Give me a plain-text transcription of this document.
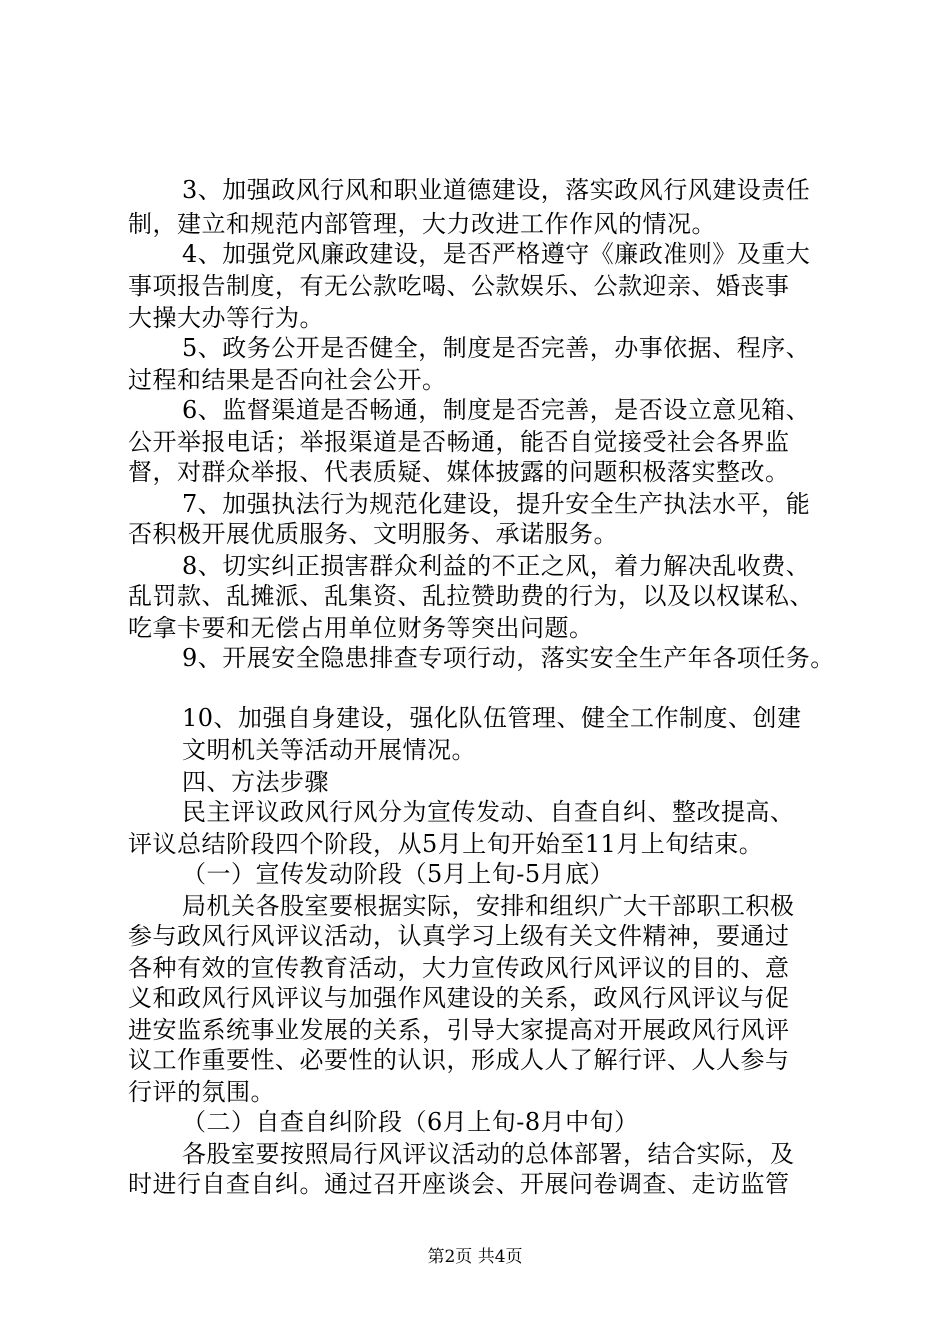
3、加强政风行风和职业道德建设，落实政风行风建设责任
制，建立和规范内部管理，大力改进工作作风的情况。
4、加强党风廉政建设，是否严格遵守《廉政准则》及重大
事项报告制度，有无公款吃喝、公款娱乐、公款迎亲、婚丧事
大操大办等行为。
5、政务公开是否健全，制度是否完善，办事依据、程序、
过程和结果是否向社会公开。
6、监督渠道是否畅通，制度是否完善，是否设立意见箱、
公开举报电话；举报渠道是否畅通，能否自觉接受社会各界监
督，对群众举报、代表质疑、媒体披露的问题积极落实整改。
7、加强执法行为规范化建设，提升安全生产执法水平，能
否积极开展优质服务、文明服务、承诺服务。
8、切实纠正损害群众利益的不正之风，着力解决乱收费、
乱罚款、乱摊派、乱集资、乱拉赞助费的行为，以及以权谋私、
吃拿卡要和无偿占用单位财务等突出问题。
9、开展安全隐患排查专项行动，落实安全生产年各项任务。
10、加强自身建设，强化队伍管理、健全工作制度、创建
文明机关等活动开展情况。
四、方法步骤
民主评议政风行风分为宣传发动、自查自纠、整改提高、
评议总结阶段四个阶段，从5月上旬开始至11月上旬结束。
（一）宣传发动阶段（5月上旬-5月底）
局机关各股室要根据实际，安排和组织广大干部职工积极
参与政风行风评议活动，认真学习上级有关文件精神，要通过
各种有效的宣传教育活动，大力宣传政风行风评议的目的、意
义和政风行风评议与加强作风建设的关系，政风行风评议与促
进安监系统事业发展的关系，引导大家提高对开展政风行风评
议工作重要性、必要性的认识，形成人人了解行评、人人参与
行评的氛围。
（二）自查自纠阶段（6月上旬-8月中旬）
各股室要按照局行风评议活动的总体部署，结合实际，及
时进行自查自纠。通过召开座谈会、开展问卷调查、走访监管
第2页 共4页
